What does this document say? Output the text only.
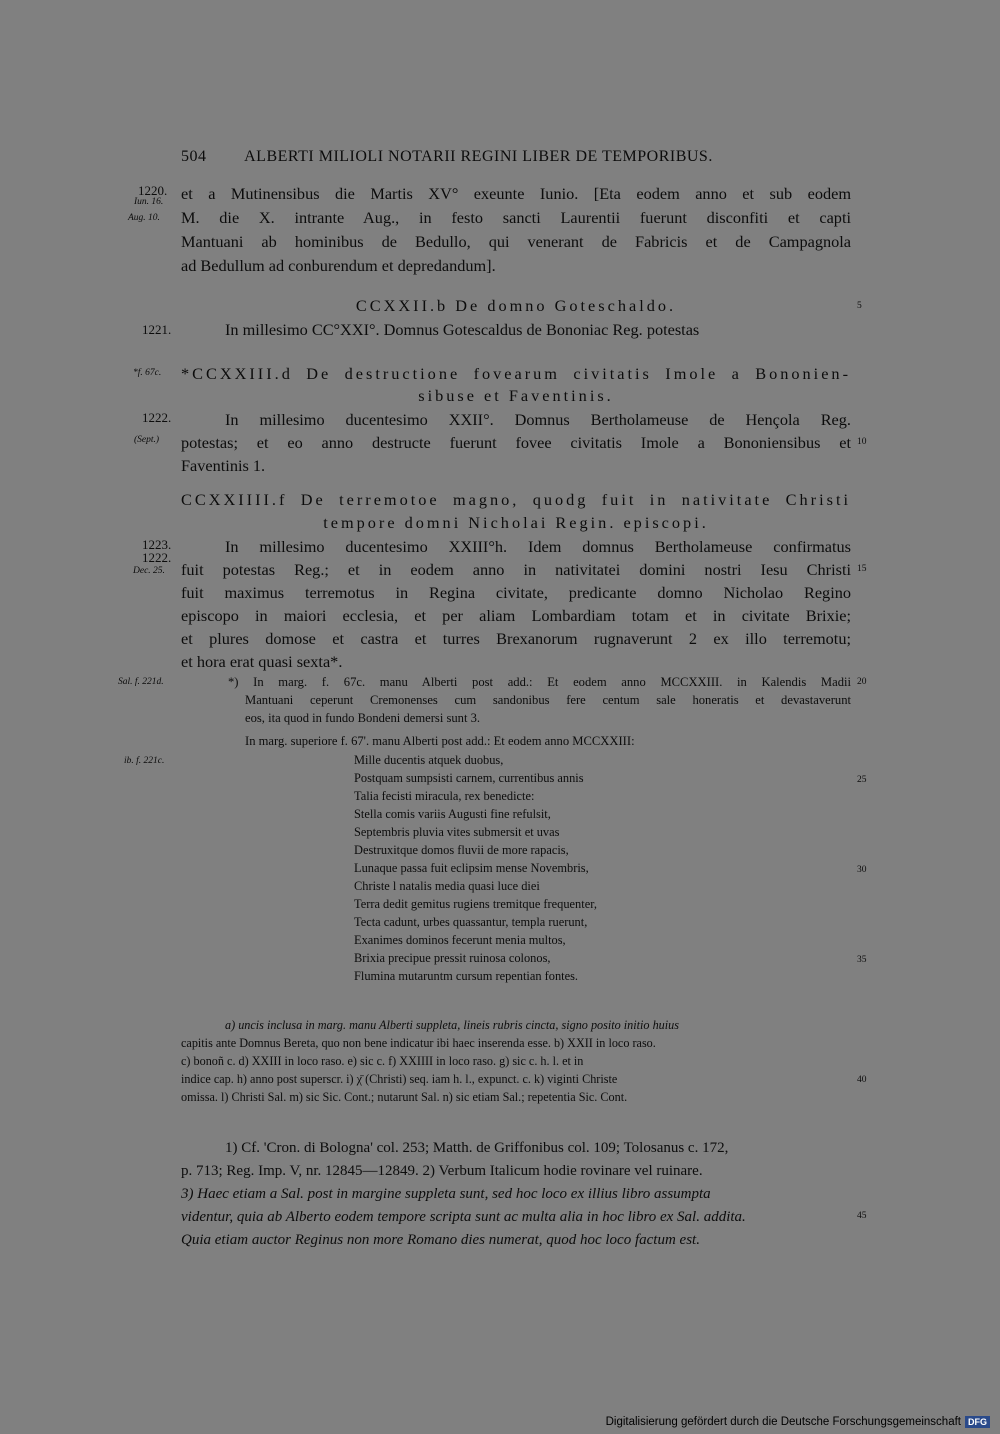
504 ALBERTI MILIOLI NOTARII REGINI LIBER DE TEMPORIBUS.
1220.
Iun. 16.
Aug. 10.
1221.
*f. 67c.
1222.
(Sept.)
1223.
1222.
Dec. 25.
Sal. f. 221d.
ib. f. 221c.
5
10
15
20
25
30
35
40
45
et a Mutinensibus die Martis XV° exeunte Iunio. [Eta eodem anno et sub eodem
M. die X. intrante Aug., in festo sancti Laurentii fuerunt disconfiti et capti
Mantuani ab hominibus de Bedullo, qui venerant de Fabricis et de Campagnola
ad Bedullum ad conburendum et depredandum].
CCXXII.b De domno Goteschaldo.
In millesimo CC°XXI°. Domnus Gotescaldus de Bononiac Reg. potestas
*CCXXIII.d De destructione fovearum civitatis Imole a Bononien-
sibuse et Faventinis.
In millesimo ducentesimo XXII°. Domnus Bertholameuse de Hençola Reg.
potestas; et eo anno destructe fuerunt fovee civitatis Imole a Bononiensibus et
Faventinis 1.
CCXXIIII.f De terremotoe magno, quodg fuit in nativitate Christi
tempore domni Nicholai Regin. episcopi.
In millesimo ducentesimo XXIII°h. Idem domnus Bertholameuse confirmatus
fuit potestas Reg.; et in eodem anno in nativitatei domini nostri Iesu Christi
fuit maximus terremotus in Regina civitate, predicante domno Nicholao Regino
episcopo in maiori ecclesia, et per aliam Lombardiam totam et in civitate Brixie;
et plures domose et castra et turres Brexanorum rugnaverunt 2 ex illo terremotu;
et hora erat quasi sexta*.
*) In marg. f. 67c. manu Alberti post add.: Et eodem anno MCCXXIII. in Kalendis Madii
Mantuani ceperunt Cremonenses cum sandonibus fere centum sale honeratis et devastaverunt
eos, ita quod in fundo Bondeni demersi sunt 3.
In marg. superiore f. 67'. manu Alberti post add.: Et eodem anno MCCXXIII:
Mille ducentis atquek duobus,
Postquam sumpsisti carnem, currentibus annis
Talia fecisti miracula, rex benedicte:
Stella comis variis Augusti fine refulsit,
Septembris pluvia vites submersit et uvas
Destruxitque domos fluvii de more rapacis,
Lunaque passa fuit eclipsim mense Novembris,
Christe l natalis media quasi luce diei
Terra dedit gemitus rugiens tremitque frequenter,
Tecta cadunt, urbes quassantur, templa ruerunt,
Exanimes dominos fecerunt menia multos,
Brixia precipue pressit ruinosa colonos,
Flumina mutaruntm cursum repentian fontes.
a) uncis inclusa in marg. manu Alberti suppleta, lineis rubris cincta, signo posito initio huius
capitis ante Domnus Bereta, quo non bene indicatur ibi haec inserenda esse. b) XXII in loco raso.
c) bonoñ c. d) XXIII in loco raso. e) sic c. f) XXIIII in loco raso. g) sic c. h. l. et in
indice cap. h) anno post superscr. i) χ̄ (Christi) seq. iam h. l., expunct. c. k) viginti Christe
omissa. l) Christi Sal. m) sic Sic. Cont.; nutarunt Sal. n) sic etiam Sal.; repetentia Sic. Cont.
1) Cf. 'Cron. di Bologna' col. 253; Matth. de Griffonibus col. 109; Tolosanus c. 172,
p. 713; Reg. Imp. V, nr. 12845—12849. 2) Verbum Italicum hodie rovinare vel ruinare.
3) Haec etiam a Sal. post in margine suppleta sunt, sed hoc loco ex illius libro assumpta
videntur, quia ab Alberto eodem tempore scripta sunt ac multa alia in hoc libro ex Sal. addita.
Quia etiam auctor Reginus non more Romano dies numerat, quod hoc loco factum est.
Digitalisierung gefördert durch die Deutsche Forschungsgemeinschaft DFG
